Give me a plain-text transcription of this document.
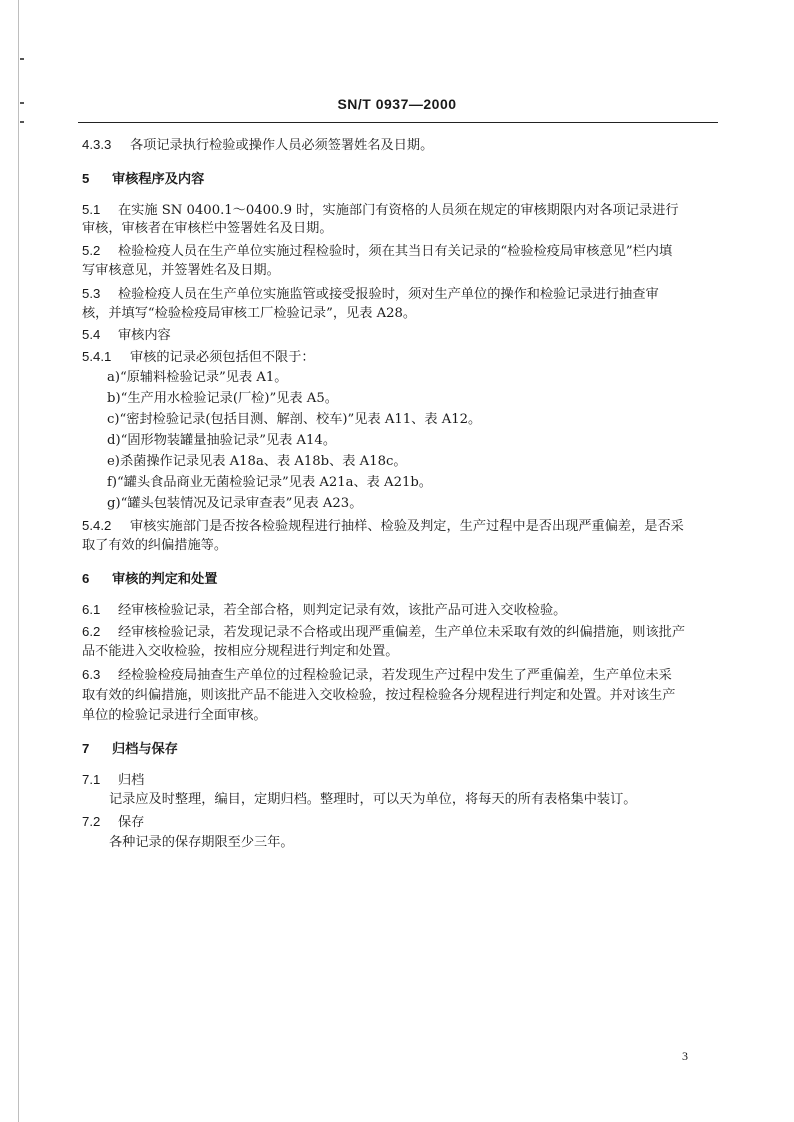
SN/T 0937—2000
4.3.3 各项记录执行检验或操作人员必须签署姓名及日期。
5 审核程序及内容
5.1 在实施 SN 0400.1～0400.9 时，实施部门有资格的人员须在规定的审核期限内对各项记录进行
审核，审核者在审核栏中签署姓名及日期。
5.2 检验检疫人员在生产单位实施过程检验时，须在其当日有关记录的“检验检疫局审核意见”栏内填
写审核意见，并签署姓名及日期。
5.3 检验检疫人员在生产单位实施监管或接受报验时，须对生产单位的操作和检验记录进行抽查审
核，并填写“检验检疫局审核工厂检验记录”，见表 A28。
5.4 审核内容
5.4.1 审核的记录必须包括但不限于：
a)“原辅料检验记录”见表 A1。
b)“生产用水检验记录(厂检)”见表 A5。
c)“密封检验记录(包括目测、解剖、校车)”见表 A11、表 A12。
d)“固形物装罐量抽验记录”见表 A14。
e)杀菌操作记录见表 A18a、表 A18b、表 A18c。
f)“罐头食品商业无菌检验记录”见表 A21a、表 A21b。
g)“罐头包装情况及记录审查表”见表 A23。
5.4.2 审核实施部门是否按各检验规程进行抽样、检验及判定，生产过程中是否出现严重偏差，是否采
取了有效的纠偏措施等。
6 审核的判定和处置
6.1 经审核检验记录，若全部合格，则判定记录有效，该批产品可进入交收检验。
6.2 经审核检验记录，若发现记录不合格或出现严重偏差，生产单位未采取有效的纠偏措施，则该批产
品不能进入交收检验，按相应分规程进行判定和处置。
6.3 经检验检疫局抽查生产单位的过程检验记录，若发现生产过程中发生了严重偏差，生产单位未采
取有效的纠偏措施，则该批产品不能进入交收检验，按过程检验各分规程进行判定和处置。并对该生产
单位的检验记录进行全面审核。
7 归档与保存
7.1 归档
记录应及时整理，编目，定期归档。整理时，可以天为单位，将每天的所有表格集中装订。
7.2 保存
各种记录的保存期限至少三年。
3
